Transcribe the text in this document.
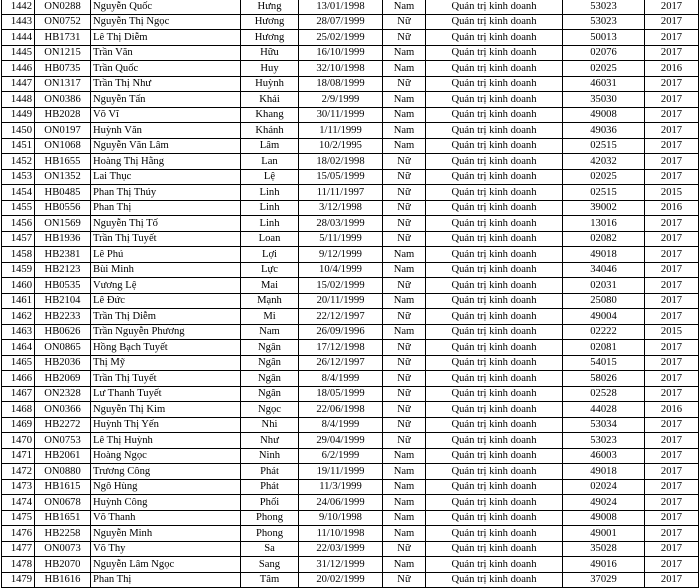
1442	ON0288	Nguyễn Quốc	Hưng	13/01/1998	Nam	Quản trị kinh doanh	53023	2017
1443	ON0752	Nguyễn Thị Ngọc	Hương	28/07/1999	Nữ	Quản trị kinh doanh	53023	2017
1444	HB1731	Lê Thị Diễm	Hương	25/02/1999	Nữ	Quản trị kinh doanh	50013	2017
1445	ON1215	Trần Văn	Hữu	16/10/1999	Nam	Quản trị kinh doanh	02076	2017
1446	HB0735	Trần Quốc	Huy	32/10/1998	Nam	Quản trị kinh doanh	02025	2016
1447	ON1317	Trần Thị Như	Huỳnh	18/08/1999	Nữ	Quản trị kinh doanh	46031	2017
1448	ON0386	Nguyễn Tấn	Khải	2/9/1999	Nam	Quản trị kinh doanh	35030	2017
1449	HB2028	Võ Vĩ	Khang	30/11/1999	Nam	Quản trị kinh doanh	49008	2017
1450	ON0197	Huỳnh Văn	Khánh	1/11/1999	Nam	Quản trị kinh doanh	49036	2017
1451	ON1068	Nguyễn Văn Lâm	Lâm	10/2/1995	Nam	Quản trị kinh doanh	02515	2017
1452	HB1655	Hoàng Thị Hằng	Lan	18/02/1998	Nữ	Quản trị kinh doanh	42032	2017
1453	ON1352	Lai Thục	Lệ	15/05/1999	Nữ	Quản trị kinh doanh	02025	2017
1454	HB0485	Phan Thị Thúy	Linh	11/11/1997	Nữ	Quản trị kinh doanh	02515	2015
1455	HB0556	Phan Thị	Linh	3/12/1998	Nữ	Quản trị kinh doanh	39002	2016
1456	ON1569	Nguyễn Thị Tố	Linh	28/03/1999	Nữ	Quản trị kinh doanh	13016	2017
1457	HB1936	Trần Thị Tuyết	Loan	5/11/1999	Nữ	Quản trị kinh doanh	02082	2017
1458	HB2381	Lê Phú	Lợi	9/12/1999	Nam	Quản trị kinh doanh	49018	2017
1459	HB2123	Bùi Minh	Lực	10/4/1999	Nam	Quản trị kinh doanh	34046	2017
1460	HB0535	Vương Lệ	Mai	15/02/1999	Nữ	Quản trị kinh doanh	02031	2017
1461	HB2104	Lê Đức	Mạnh	20/11/1999	Nam	Quản trị kinh doanh	25080	2017
1462	HB2233	Trần Thị Diễm	Mi	22/12/1997	Nữ	Quản trị kinh doanh	49004	2017
1463	HB0626	Trần Nguyễn Phương	Nam	26/09/1996	Nam	Quản trị kinh doanh	02222	2015
1464	ON0865	Hồng Bạch Tuyết	Ngân	17/12/1998	Nữ	Quản trị kinh doanh	02081	2017
1465	HB2036	Thị Mỹ	Ngân	26/12/1997	Nữ	Quản trị kinh doanh	54015	2017
1466	HB2069	Trần Thị Tuyết	Ngân	8/4/1999	Nữ	Quản trị kinh doanh	58026	2017
1467	ON2328	Lư Thanh Tuyết	Ngân	18/05/1999	Nữ	Quản trị kinh doanh	02528	2017
1468	ON0366	Nguyễn Thị Kim	Ngọc	22/06/1998	Nữ	Quản trị kinh doanh	44028	2016
1469	HB2272	Huỳnh Thị Yến	Nhi	8/4/1999	Nữ	Quản trị kinh doanh	53034	2017
1470	ON0753	Lê Thị Huỳnh	Như	29/04/1999	Nữ	Quản trị kinh doanh	53023	2017
1471	HB2061	Hoàng Ngọc	Ninh	6/2/1999	Nam	Quản trị kinh doanh	46003	2017
1472	ON0880	Trương Công	Phát	19/11/1999	Nam	Quản trị kinh doanh	49018	2017
1473	HB1615	Ngô Hùng	Phát	11/3/1999	Nam	Quản trị kinh doanh	02024	2017
1474	ON0678	Huỳnh Công	Phối	24/06/1999	Nam	Quản trị kinh doanh	49024	2017
1475	HB1651	Võ Thanh	Phong	9/10/1998	Nam	Quản trị kinh doanh	49008	2017
1476	HB2258	Nguyễn Minh	Phong	11/10/1998	Nam	Quản trị kinh doanh	49001	2017
1477	ON0073	Võ Thy	Sa	22/03/1999	Nữ	Quản trị kinh doanh	35028	2017
1478	HB2070	Nguyễn Lâm Ngọc	Sang	31/12/1999	Nam	Quản trị kinh doanh	49016	2017
1479	HB1616	Phan Thị	Tâm	20/02/1999	Nữ	Quản trị kinh doanh	37029	2017
